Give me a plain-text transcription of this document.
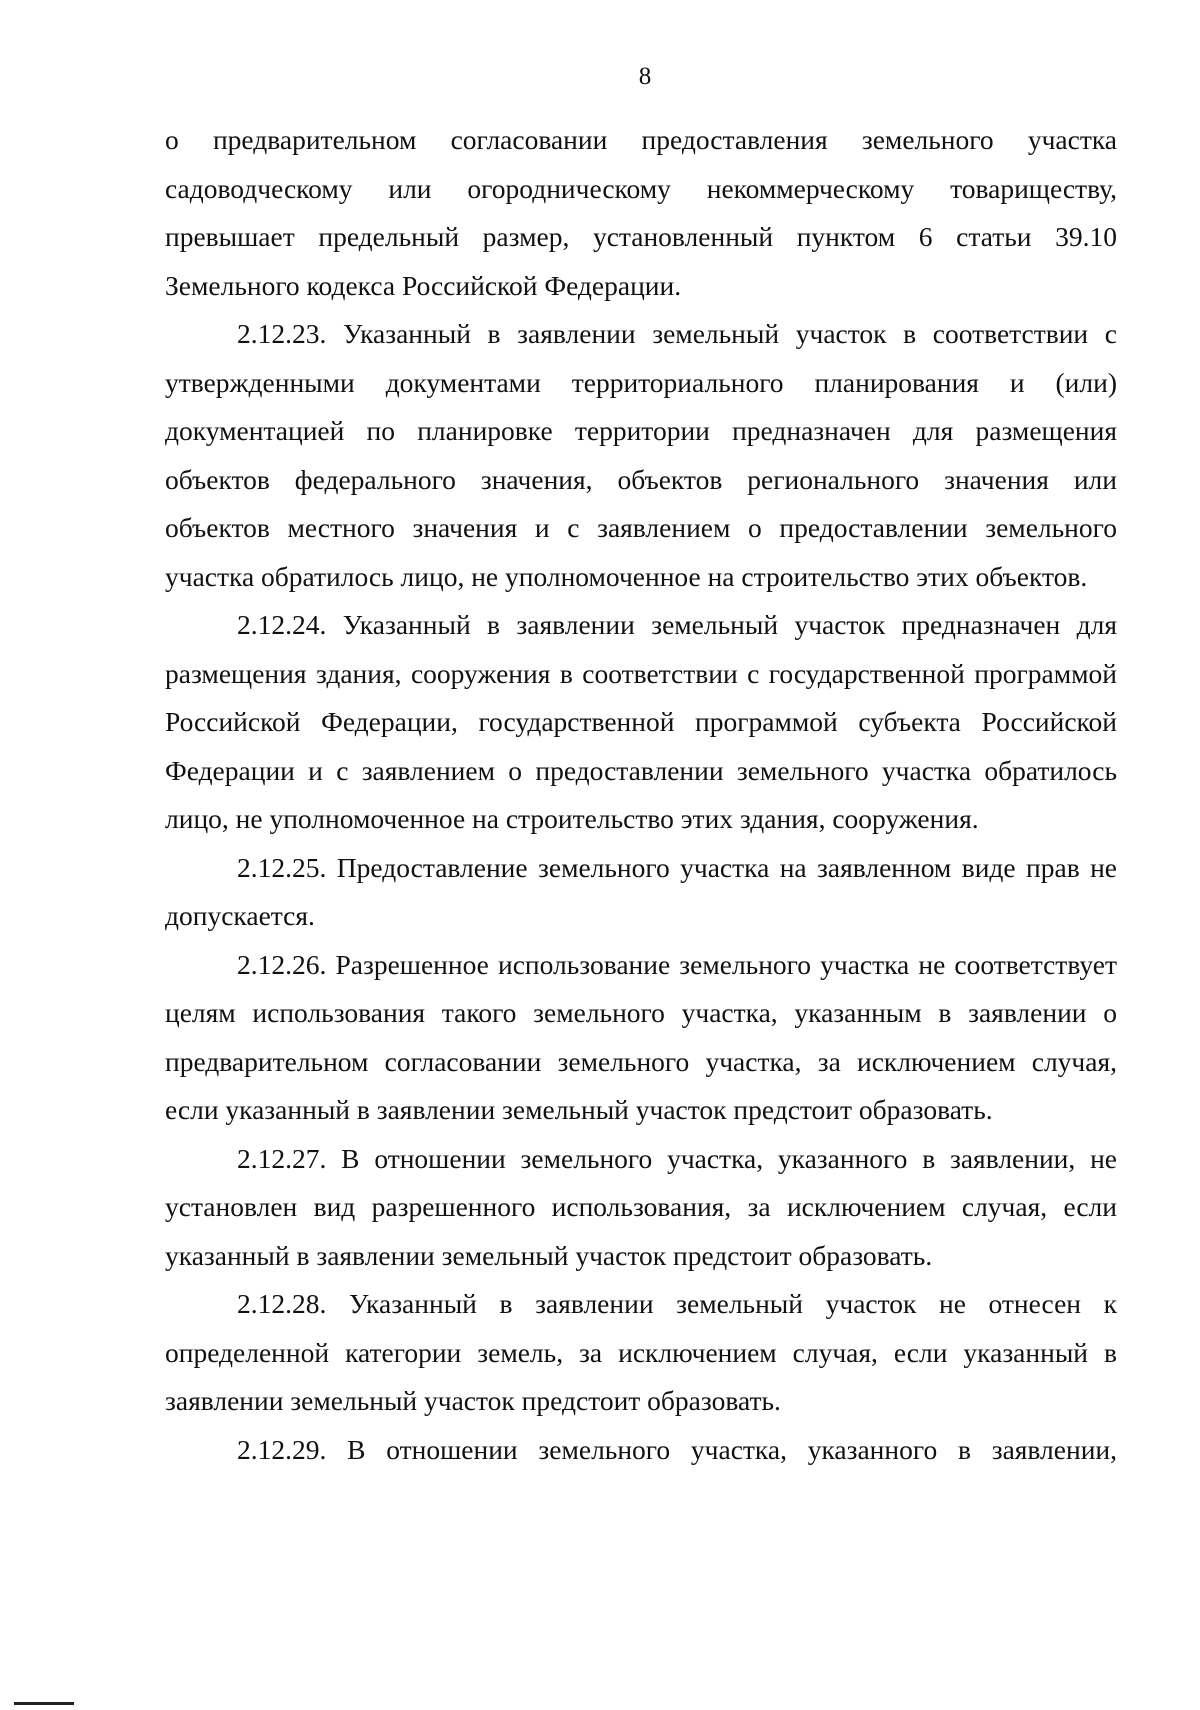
8

о предварительном согласовании предоставления земельного участка садоводческому или огородническому некоммерческому товариществу, превышает предельный размер, установленный пунктом 6 статьи 39.10 Земельного кодекса Российской Федерации.

2.12.23. Указанный в заявлении земельный участок в соответствии с утвержденными документами территориального планирования и (или) документацией по планировке территории предназначен для размещения объектов федерального значения, объектов регионального значения или объектов местного значения и с заявлением о предоставлении земельного участка обратилось лицо, не уполномоченное на строительство этих объектов.

2.12.24. Указанный в заявлении земельный участок предназначен для размещения здания, сооружения в соответствии с государственной программой Российской Федерации, государственной программой субъекта Российской Федерации и с заявлением о предоставлении земельного участка обратилось лицо, не уполномоченное на строительство этих здания, сооружения.

2.12.25. Предоставление земельного участка на заявленном виде прав не допускается.

2.12.26. Разрешенное использование земельного участка не соответствует целям использования такого земельного участка, указанным в заявлении о предварительном согласовании земельного участка, за исключением случая, если указанный в заявлении земельный участок предстоит образовать.

2.12.27. В отношении земельного участка, указанного в заявлении, не установлен вид разрешенного использования, за исключением случая, если указанный в заявлении земельный участок предстоит образовать.

2.12.28. Указанный в заявлении земельный участок не отнесен к определенной категории земель, за исключением случая, если указанный в заявлении земельный участок предстоит образовать.

2.12.29. В отношении земельного участка, указанного в заявлении,
